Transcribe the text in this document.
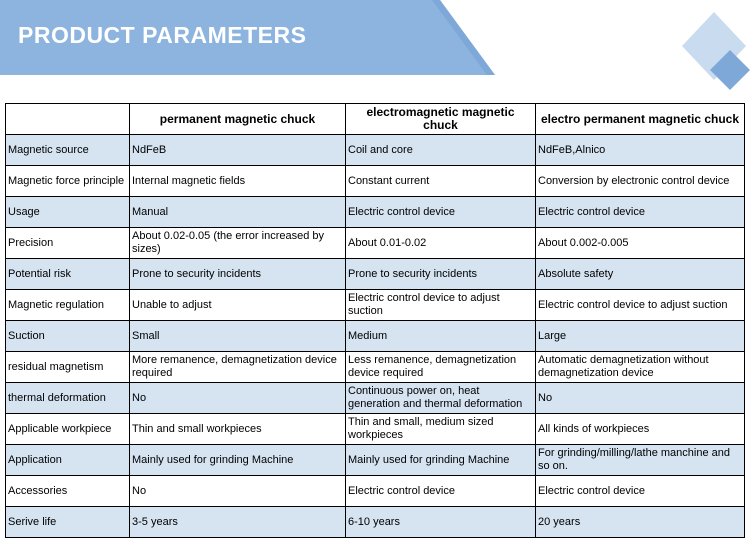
PRODUCT PARAMETERS
	permanent magnetic chuck	electromagnetic magnetic chuck	electro permanent magnetic chuck
Magnetic source	NdFeB	Coil and core	NdFeB,Alnico
Magnetic force principle	Internal magnetic fields	Constant current	Conversion by electronic control device
Usage	Manual	Electric control device	Electric control device
Precision	About 0.02-0.05 (the error increased by sizes)	About 0.01-0.02	About 0.002-0.005
Potential risk	Prone to security incidents	Prone to security incidents	Absolute safety
Magnetic regulation	Unable to adjust	Electric control device to adjust suction	Electric control device to adjust suction
Suction	Small	Medium	Large
residual magnetism	More remanence, demagnetization device required	Less remanence, demagnetization device required	Automatic demagnetization without demagnetization device
thermal deformation	No	Continuous power on, heat generation and thermal deformation	No
Applicable workpiece	Thin and small workpieces	Thin and small, medium sized workpieces	All kinds of workpieces
Application	Mainly used for grinding Machine	Mainly used for grinding Machine	For grinding/milling/lathe manchine and so on.
Accessories	No	Electric control device	Electric control device
Serive life	3-5 years	6-10 years	20 years
